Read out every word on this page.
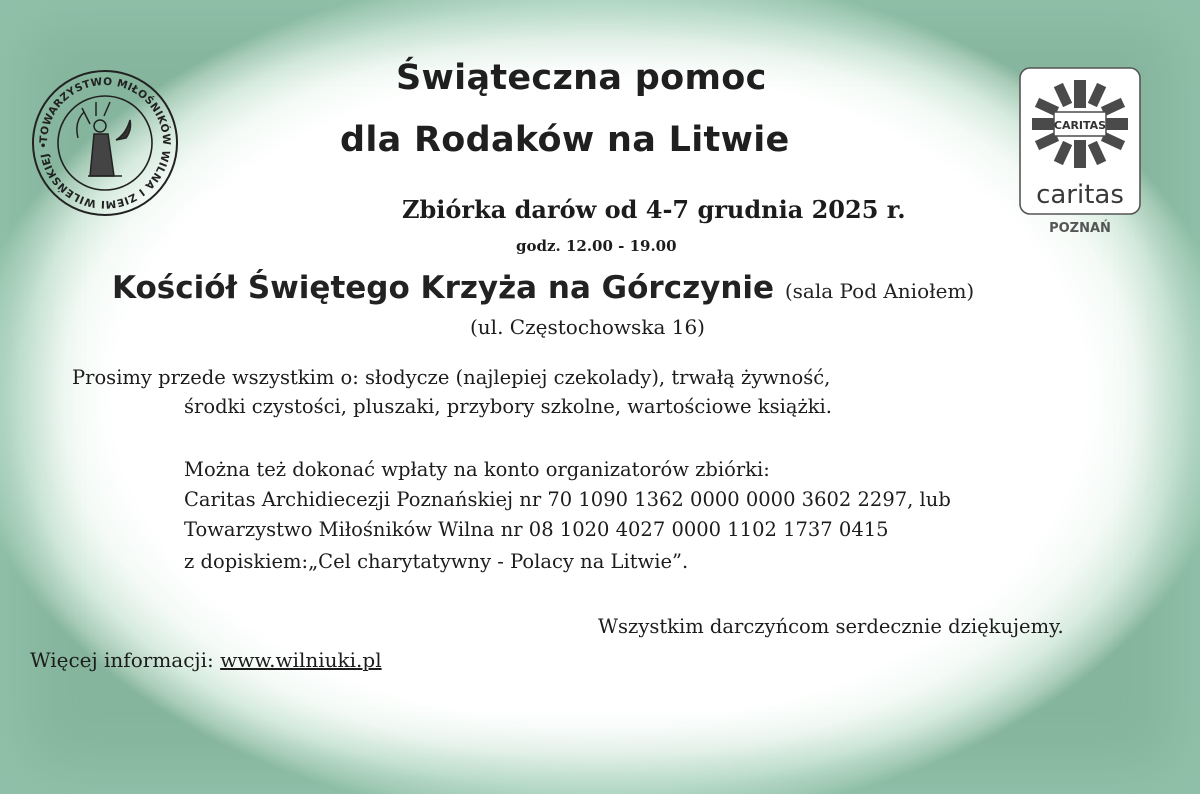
TOWARZYSTWO MIŁOŚNIKÓW WILNA I ZIEMI WILEŃSKIEJ •
CARITAS
caritas
POZNAŃ
Świąteczna pomoc
dla Rodaków na Litwie
Zbiórka darów od 4-7 grudnia 2025 r.
godz. 12.00 - 19.00
Kościół Świętego Krzyża na Górczynie (sala Pod Aniołem)
(ul. Częstochowska 16)
Prosimy przede wszystkim o: słodycze (najlepiej czekolady), trwałą żywność,
środki czystości, pluszaki, przybory szkolne, wartościowe książki.
Można też dokonać wpłaty na konto organizatorów zbiórki:
Caritas Archidiecezji Poznańskiej nr 70 1090 1362 0000 0000 3602 2297, lub
Towarzystwo Miłośników Wilna nr 08 1020 4027 0000 1102 1737 0415
z dopiskiem:„Cel charytatywny - Polacy na Litwie”.
Wszystkim darczyńcom serdecznie dziękujemy.
Więcej informacji: www.wilniuki.pl
